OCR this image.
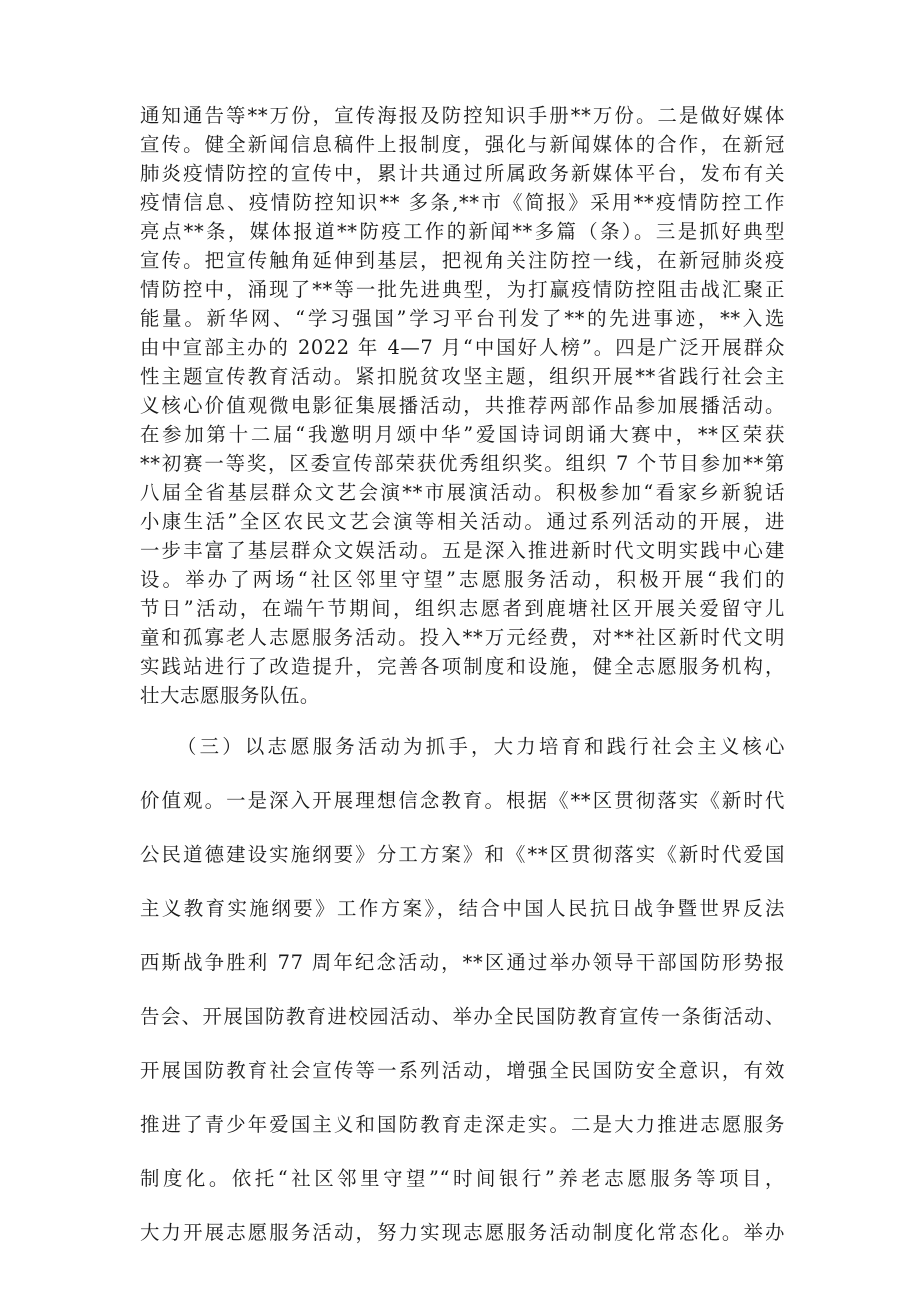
通知通告等**万份，宣传海报及防控知识手册**万份。二是做好媒体
宣传。健全新闻信息稿件上报制度，强化与新闻媒体的合作，在新冠
肺炎疫情防控的宣传中，累计共通过所属政务新媒体平台，发布有关
疫情信息、疫情防控知识** 多条,**市《简报》采用**疫情防控工作
亮点**条，媒体报道**防疫工作的新闻**多篇（条）。三是抓好典型
宣传。把宣传触角延伸到基层，把视角关注防控一线，在新冠肺炎疫
情防控中，涌现了**等一批先进典型，为打赢疫情防控阻击战汇聚正
能量。新华网、“学习强国”学习平台刊发了**的先进事迹，**入选
由中宣部主办的 2022 年 4—7 月“中国好人榜”。四是广泛开展群众
性主题宣传教育活动。紧扣脱贫攻坚主题，组织开展**省践行社会主
义核心价值观微电影征集展播活动，共推荐两部作品参加展播活动。
在参加第十二届“我邀明月颂中华”爱国诗词朗诵大赛中，**区荣获
**初赛一等奖，区委宣传部荣获优秀组织奖。组织 7 个节目参加**第
八届全省基层群众文艺会演**市展演活动。积极参加“看家乡新貌话
小康生活”全区农民文艺会演等相关活动。通过系列活动的开展，进
一步丰富了基层群众文娱活动。五是深入推进新时代文明实践中心建
设。举办了两场“社区邻里守望”志愿服务活动，积极开展“我们的
节日”活动，在端午节期间，组织志愿者到鹿塘社区开展关爱留守儿
童和孤寡老人志愿服务活动。投入**万元经费，对**社区新时代文明
实践站进行了改造提升，完善各项制度和设施，健全志愿服务机构，
壮大志愿服务队伍。
（三）以志愿服务活动为抓手，大力培育和践行社会主义核心
价值观。一是深入开展理想信念教育。根据《**区贯彻落实《新时代
公民道德建设实施纲要》分工方案》和《**区贯彻落实《新时代爱国
主义教育实施纲要》工作方案》，结合中国人民抗日战争暨世界反法
西斯战争胜利 77 周年纪念活动，**区通过举办领导干部国防形势报
告会、开展国防教育进校园活动、举办全民国防教育宣传一条街活动、
开展国防教育社会宣传等一系列活动，增强全民国防安全意识，有效
推进了青少年爱国主义和国防教育走深走实。二是大力推进志愿服务
制度化。依托“社区邻里守望”“时间银行”养老志愿服务等项目，
大力开展志愿服务活动，努力实现志愿服务活动制度化常态化。举办
